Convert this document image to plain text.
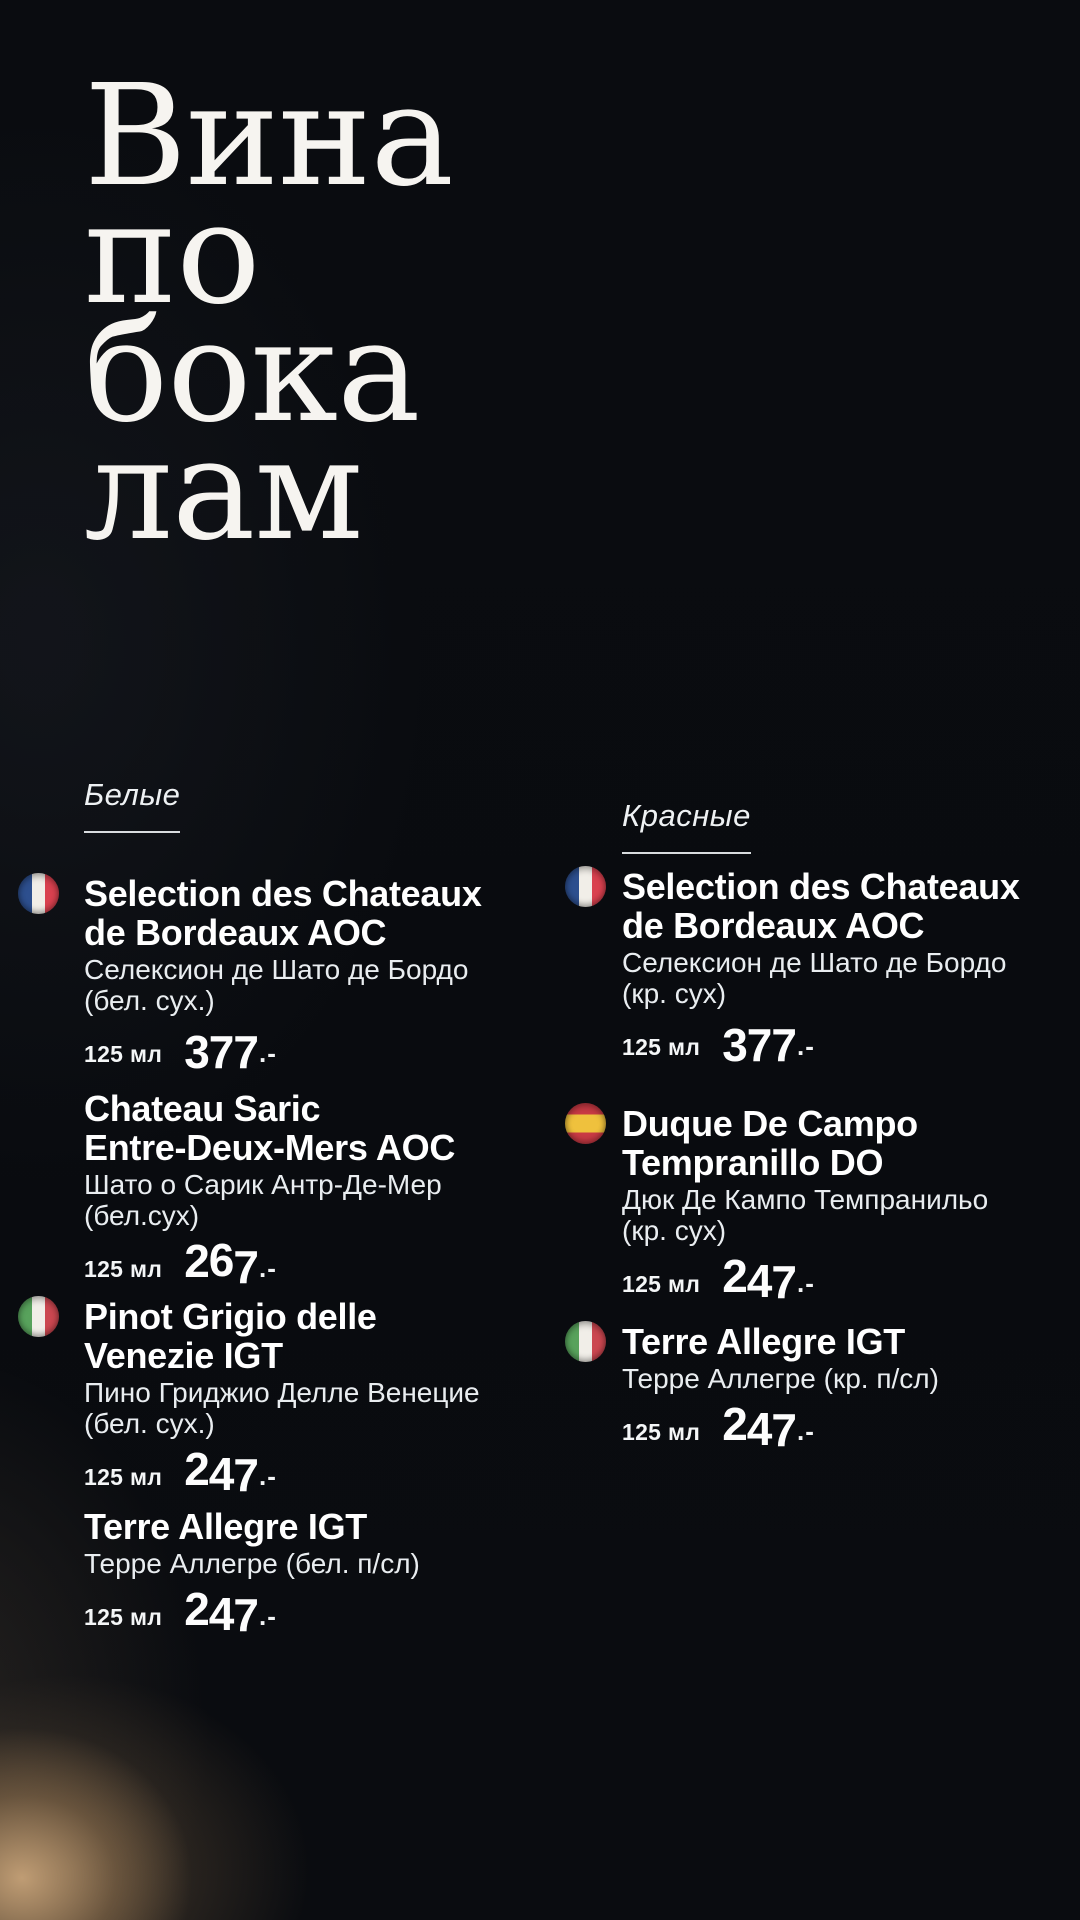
Вина
по
бока
лам
Белые
Красные
Selection des Chateaux
de Bordeaux AOC
Селексион де Шато де Бордо
(бел. сух.)
125 мл 377.-
Chateau Saric
Entre-Deux-Mers AOC
Шато о Сарик Антр-Де-Мер
(бел.сух)
125 мл 267.-
Pinot Grigio delle
Venezie IGT
Пино Гриджио Делле Венецие
(бел. сух.)
125 мл 247.-
Terre Allegre IGT
Терре Аллегре (бел. п/сл)
125 мл 247.-
Selection des Chateaux
de Bordeaux AOC
Селексион де Шато де Бордо
(кр. сух)
125 мл 377.-
Duque De Campo
Tempranillo DO
Дюк Де Кампо Темпранильо
(кр. сух)
125 мл 247.-
Terre Allegre IGT
Терре Аллегре (кр. п/сл)
125 мл 247.-
